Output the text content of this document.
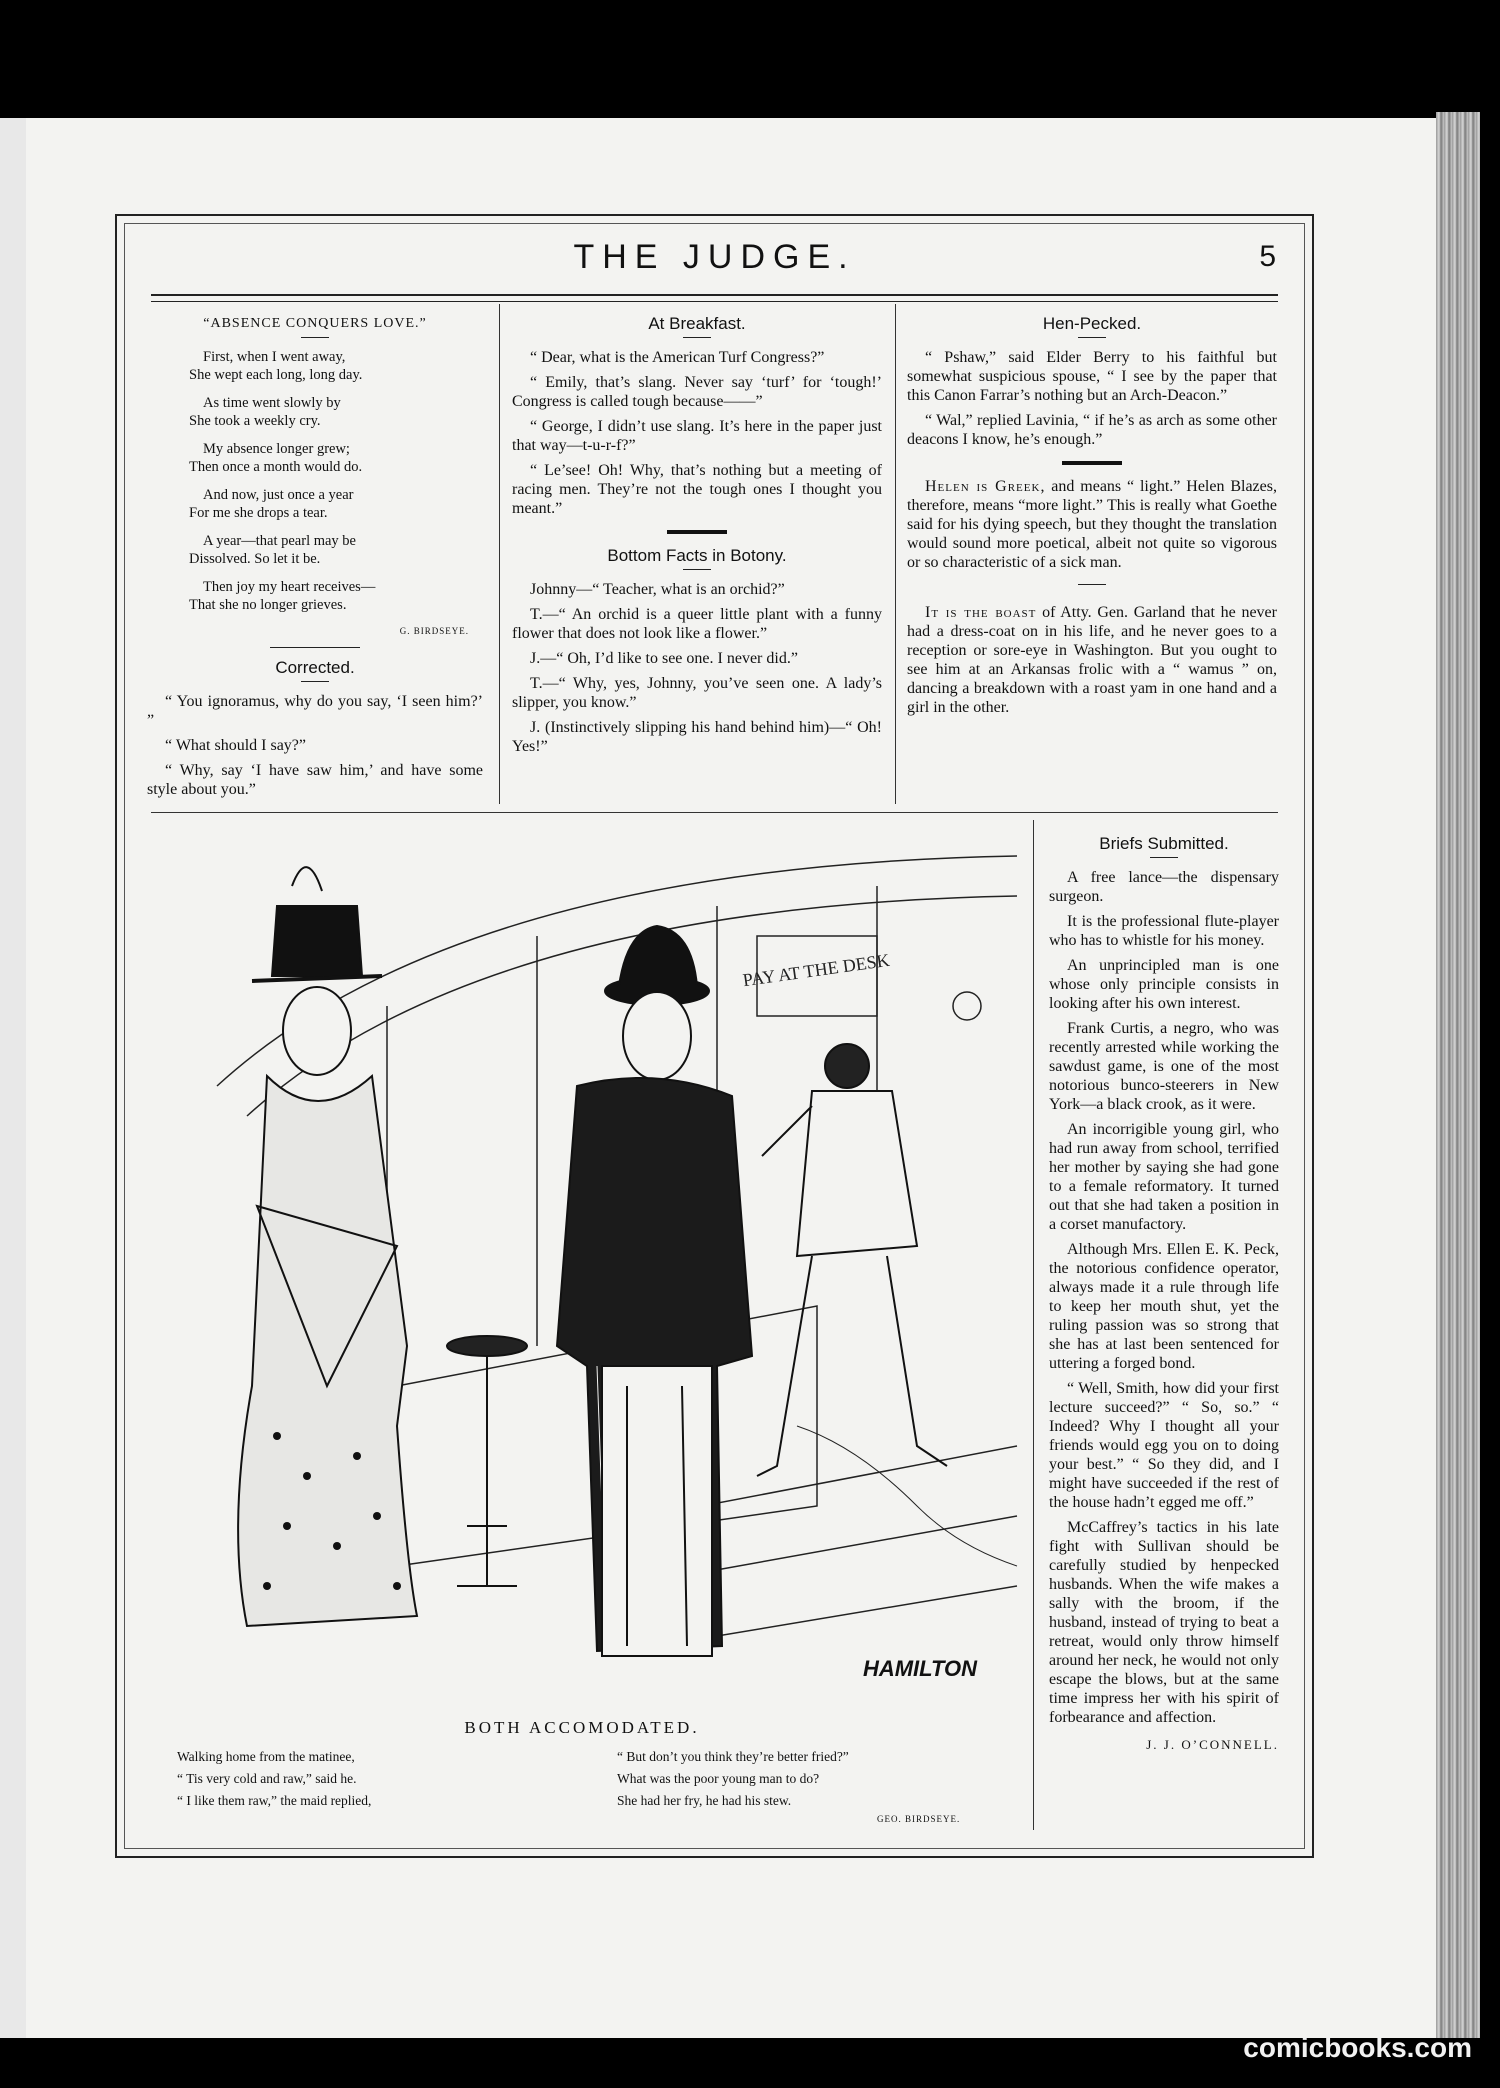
THE JUDGE.	5
“ABSENCE CONQUERS LOVE.”
First, when I went away,
She wept each long, long day.
As time went slowly by
She took a weekly cry.
My absence longer grew;
Then once a month would do.
And now, just once a year
For me she drops a tear.
A year—that pearl may be
Dissolved. So let it be.
Then joy my heart receives—
That she no longer grieves.
G. BIRDSEYE.
Corrected.

“ You ignoramus, why do you say, ‘I seen him?’ ”

“ What should I say?”

“ Why, say ‘I have saw him,’ and have some style about you.”

At Breakfast.

“ Dear, what is the American Turf Congress?”

“ Emily, that’s slang. Never say ‘turf’ for ‘tough!’ Congress is called tough because——”

“ George, I didn’t use slang. It’s here in the paper just that way—t-u-r-f?”

“ Le’see! Oh! Why, that’s nothing but a meeting of racing men. They’re not the tough ones I thought you meant.”

Bottom Facts in Botony.

Johnny—“ Teacher, what is an orchid?”

T.—“ An orchid is a queer little plant with a funny flower that does not look like a flower.”

J.—“ Oh, I’d like to see one. I never did.”

T.—“ Why, yes, Johnny, you’ve seen one. A lady’s slipper, you know.”

J. (Instinctively slipping his hand behind him)—“ Oh! Yes!”

Hen-Pecked.

“ Pshaw,” said Elder Berry to his faithful but somewhat suspicious spouse, “ I see by the paper that this Canon Farrar’s nothing but an Arch-Deacon.”

“ Wal,” replied Lavinia, “ if he’s as arch as some other deacons I know, he’s enough.”

Helen is Greek, and means “ light.” Helen Blazes, therefore, means “more light.” This is really what Goethe said for his dying speech, but they thought the translation would sound more poetical, albeit not quite so vigorous or so characteristic of a sick man.

It is the boast of Atty. Gen. Garland that he never had a dress-coat on in his life, and he never goes to a reception or sore-eye in Washington. But you ought to see him at an Arkansas frolic with a “ wamus ” on, dancing a breakdown with a roast yam in one hand and a girl in the other.

PAY AT THE DESK
HAMILTON
BOTH ACCOMODATED.
Walking home from the matinee,
“ Tis very cold and raw,” said he.
“ I like them raw,” the maid replied,
“ But don’t you think they’re better fried?”
What was the poor young man to do?
She had her fry, he had his stew.
GEO. BIRDSEYE.
Briefs Submitted.

A free lance—the dispensary surgeon.

It is the professional flute-player who has to whistle for his money.

An unprincipled man is one whose only principle consists in looking after his own interest.

Frank Curtis, a negro, who was recently arrested while working the sawdust game, is one of the most notorious bunco-steerers in New York—a black crook, as it were.

An incorrigible young girl, who had run away from school, terrified her mother by saying she had gone to a female reformatory. It turned out that she had taken a position in a corset manufactory.

Although Mrs. Ellen E. K. Peck, the notorious confidence operator, always made it a rule through life to keep her mouth shut, yet the ruling passion was so strong that she has at last been sentenced for uttering a forged bond.

“ Well, Smith, how did your first lecture succeed?” “ So, so.” “ Indeed? Why I thought all your friends would egg you on to doing your best.” “ So they did, and I might have succeeded if the rest of the house hadn’t egged me off.”

McCaffrey’s tactics in his late fight with Sullivan should be carefully studied by henpecked husbands. When the wife makes a sally with the broom, if the husband, instead of trying to beat a retreat, would only throw himself around her neck, he would not only escape the blows, but at the same time impress her with his spirit of forbearance and affection.

J. J. O’CONNELL.
comicbooks.com
